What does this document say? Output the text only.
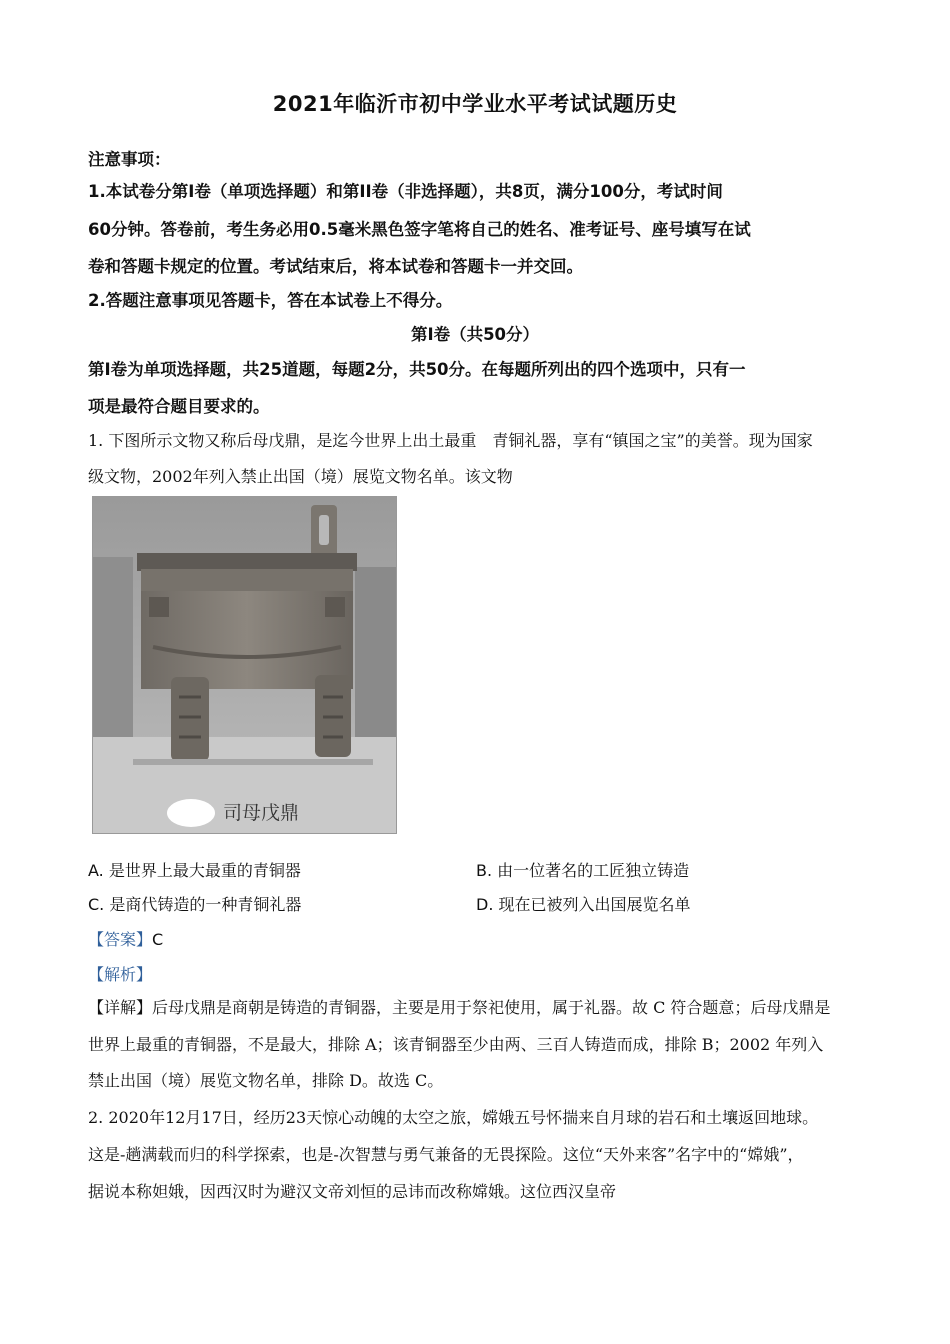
2021年临沂市初中学业水平考试试题历史
注意事项：
1.本试卷分第Ⅰ卷（单项选择题）和第II卷（非选择题），共8页，满分100分，考试时间
60分钟。答卷前，考生务必用0.5毫米黑色签字笔将自己的姓名、准考证号、座号填写在试
卷和答题卡规定的位置。考试结束后，将本试卷和答题卡一并交回。
2.答题注意事项见答题卡，答在本试卷上不得分。
第Ⅰ卷（共50分）
第Ⅰ卷为单项选择题，共25道题，每题2分，共50分。在每题所列出的四个选项中，只有一
项是最符合题目要求的。
1. 下图所示文物又称后母戊鼎，是迄今世界上出土最重　青铜礼器，享有“镇国之宝”的美誉。现为国家
级文物，2002年列入禁止出国（境）展览文物名单。该文物
司母戊鼎
A. 是世界上最大最重的青铜器	B. 由一位著名的工匠独立铸造
C. 是商代铸造的一种青铜礼器	D. 现在已被列入出国展览名单
【答案】C
【解析】
【详解】后母戊鼎是商朝是铸造的青铜器，主要是用于祭祀使用，属于礼器。故 C 符合题意；后母戊鼎是
世界上最重的青铜器，不是最大，排除 A；该青铜器至少由两、三百人铸造而成，排除 B；2002 年列入
禁止出国（境）展览文物名单，排除 D。故选 C。
2. 2020年12月17日，经历23天惊心动魄的太空之旅，嫦娥五号怀揣来自月球的岩石和土壤返回地球。
这是-趟满载而归的科学探索，也是-次智慧与勇气兼备的无畏探险。这位“天外来客”名字中的“嫦娥”，
据说本称妲娥，因西汉时为避汉文帝刘恒的忌讳而改称嫦娥。这位西汉皇帝
